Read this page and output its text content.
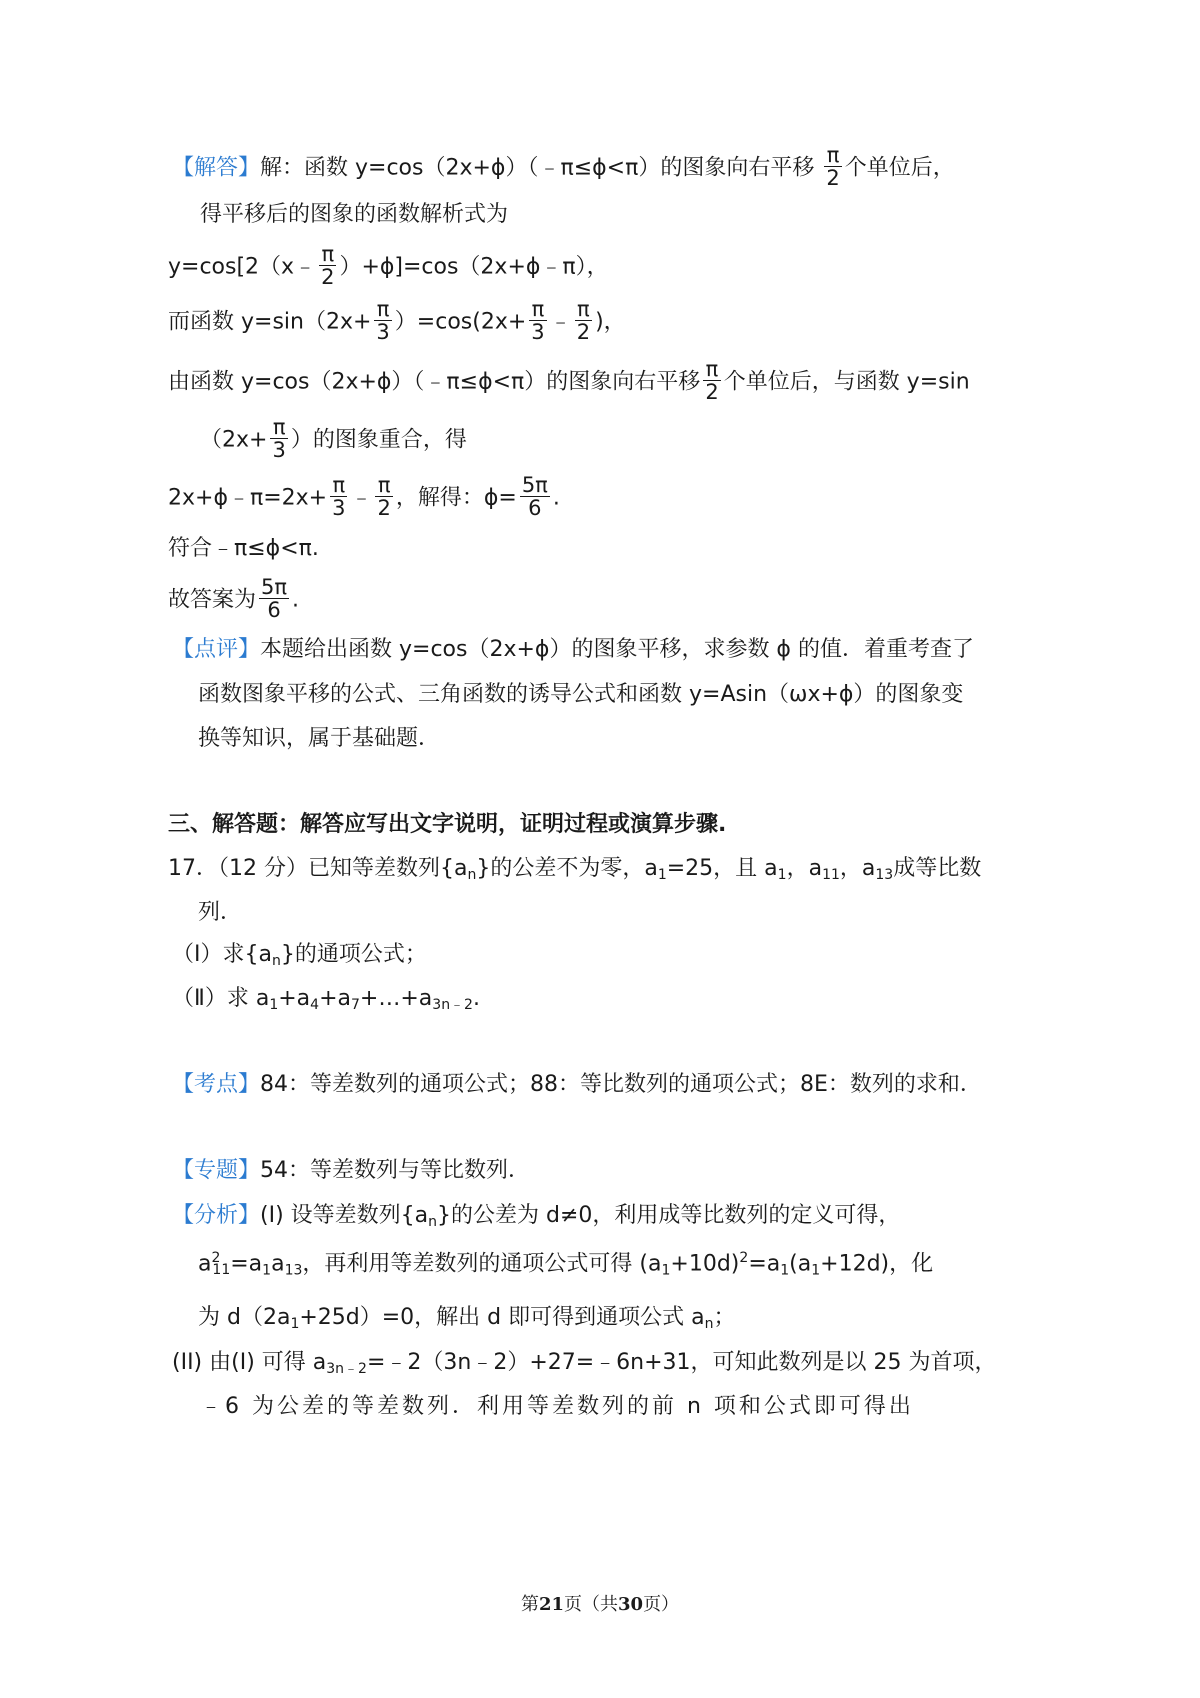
【解答】解：函数 y=cos（2x+ϕ）（﹣π≤ϕ<π）的图象向右平移 $\frac{\pi}{2}$ 个单位后，
得平移后的图象的函数解析式为
y=cos[2（x﹣ $\frac{\pi}{2}$ ）+ϕ]=cos（2x+ϕ﹣π），
而函数 $y=\sin(2x+ \frac{\pi}{3} )=\cos(2x+ \frac{\pi}{3}$ ﹣ $\frac{\pi}{2}$ )，
由函数 y=cos（2x+ϕ）（﹣π≤ϕ<π）的图象向右平移 $\frac{\pi}{2}$ 个单位后，与函数 y=sin
（$2x+ \frac{\pi}{3}$ ）的图象重合，得
2x+ϕ﹣π=2x+ $\frac{\pi}{3}$ ﹣ $\frac{\pi}{2}$ ，解得：$\phi= \frac{5\pi}{6}$ .
符合﹣π≤ϕ<π.
故答案为 $\frac{5\pi}{6}$ .
【点评】本题给出函数 y=cos（2x+ϕ）的图象平移，求参数 ϕ 的值．着重考查了
函数图象平移的公式、三角函数的诱导公式和函数 y=Asin（ωx+ϕ）的图象变
换等知识，属于基础题．
三、解答题：解答应写出文字说明，证明过程或演算步骤.
17．（12 分）已知等差数列$\{a_n\}$的公差不为零，$a_1=25$，且 $a_1$，$a_{11}$，$a_{13}$成等比数
列．
（Ⅰ）求$\{a_n\}$的通项公式；
（Ⅱ）求 $a_1+a_4+a_7+\dots+a_{3n﹣2}$.
【考点】84：等差数列的通项公式；88：等比数列的通项公式；8E：数列的求和．
【专题】54：等差数列与等比数列．
【分析】(I) 设等差数列$\{a_n\}$的公差为 d≠0，利用成等比数列的定义可得，
$a^2_{11}=a_1a_{13}$，再利用等差数列的通项公式可得 $(a_1+10d)^2=a_1(a_1+12d)$，化
为 $d(2a_1+25d)=0$，解出 d 即可得到通项公式 $a_n$；
(II) 由(I) 可得 $a_{3n﹣2}=﹣2(3n﹣2)+27=﹣6n+31$，可知此数列是以 25 为首项，
﹣6 为公差的等差数列．利用等差数列的前 n 项和公式即可得出
第21页（共30页）
